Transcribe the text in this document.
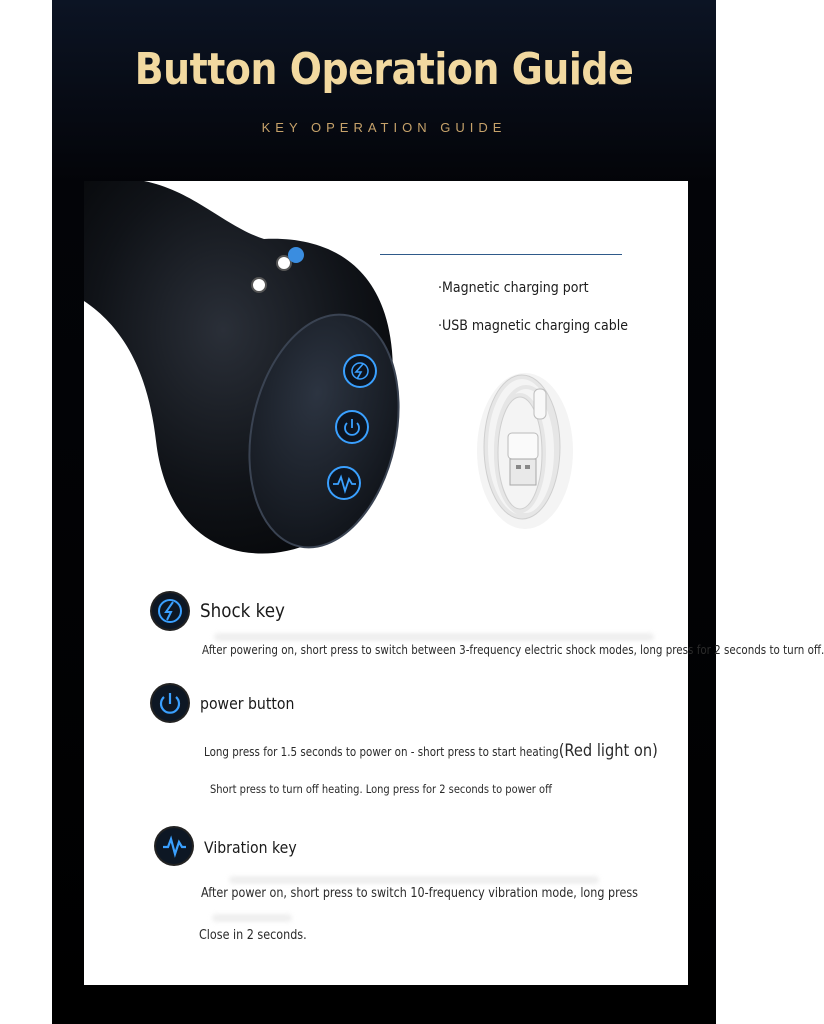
Button Operation Guide
KEY OPERATION GUIDE
·Magnetic charging port
·USB magnetic charging cable
Shock key
After powering on, short press to switch between 3-frequency electric shock modes, long press for 2 seconds to turn off.
power button
Long press for 1.5 seconds to power on - short press to start heating(Red light on)
Short press to turn off heating. Long press for 2 seconds to power off
Vibration key
After power on, short press to switch 10-frequency vibration mode, long press
Close in 2 seconds.
